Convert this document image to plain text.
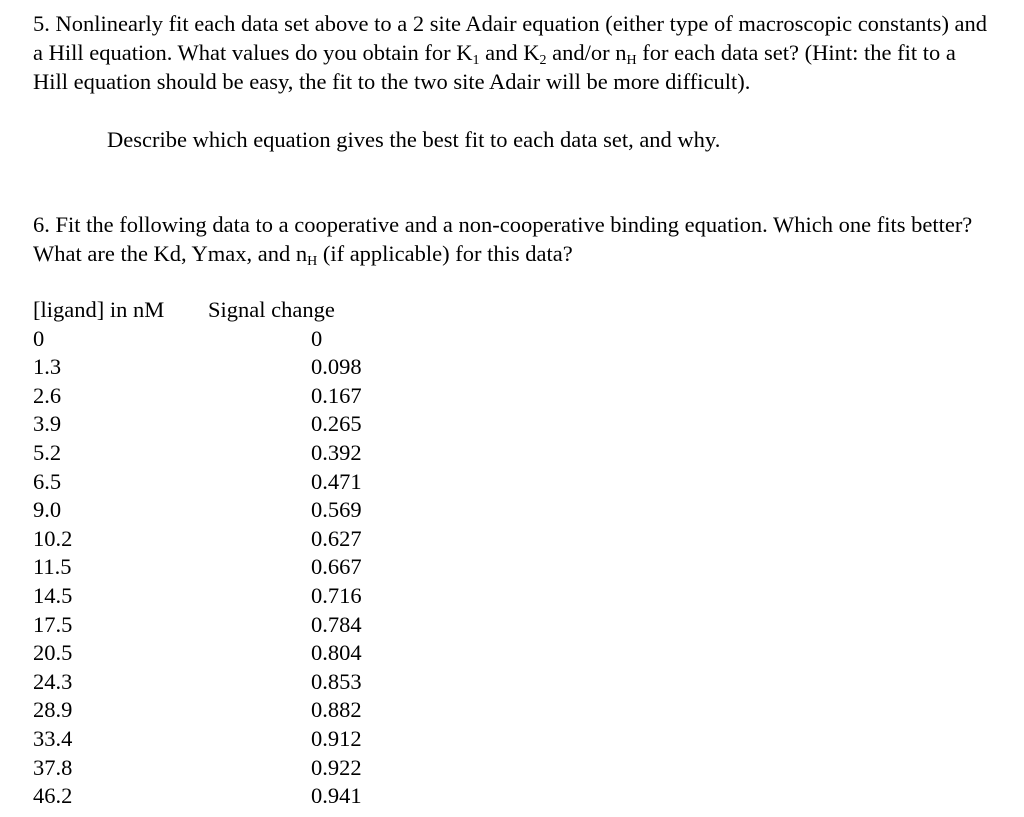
5. Nonlinearly fit each data set above to a 2 site Adair equation (either type of macroscopic constants) and a Hill equation. What values do you obtain for K1 and K2 and/or nH for each data set? (Hint: the fit to a Hill equation should be easy, the fit to the two site Adair will be more difficult).
Describe which equation gives the best fit to each data set, and why.
6. Fit the following data to a cooperative and a non-cooperative binding equation. Which one fits better? What are the Kd, Ymax, and nH (if applicable) for this data?
[ligand] in nM	Signal change
0	0
1.3	0.098
2.6	0.167
3.9	0.265
5.2	0.392
6.5	0.471
9.0	0.569
10.2	0.627
11.5	0.667
14.5	0.716
17.5	0.784
20.5	0.804
24.3	0.853
28.9	0.882
33.4	0.912
37.8	0.922
46.2	0.941
